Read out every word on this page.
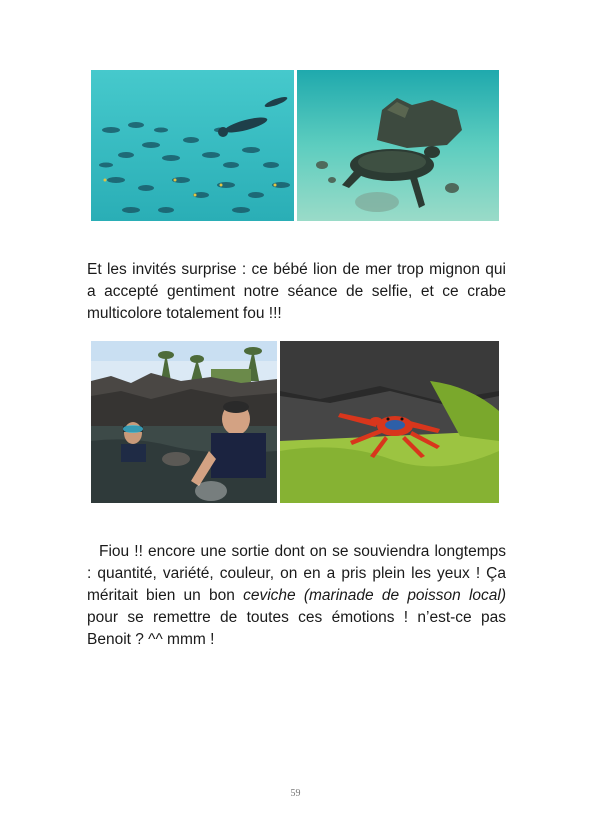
Et les invités surprise : ce bébé lion de mer trop mignon qui a accepté gentiment notre séance de selfie, et ce crabe multicolore totalement fou !!!

Fiou !! encore une sortie dont on se souviendra longtemps : quantité, variété, couleur, on en a pris plein les yeux ! Ça méritait bien un bon ceviche (marinade de poisson local) pour se remettre de toutes ces émotions ! n’est-ce pas Benoit ? ^^ mmm !

59
